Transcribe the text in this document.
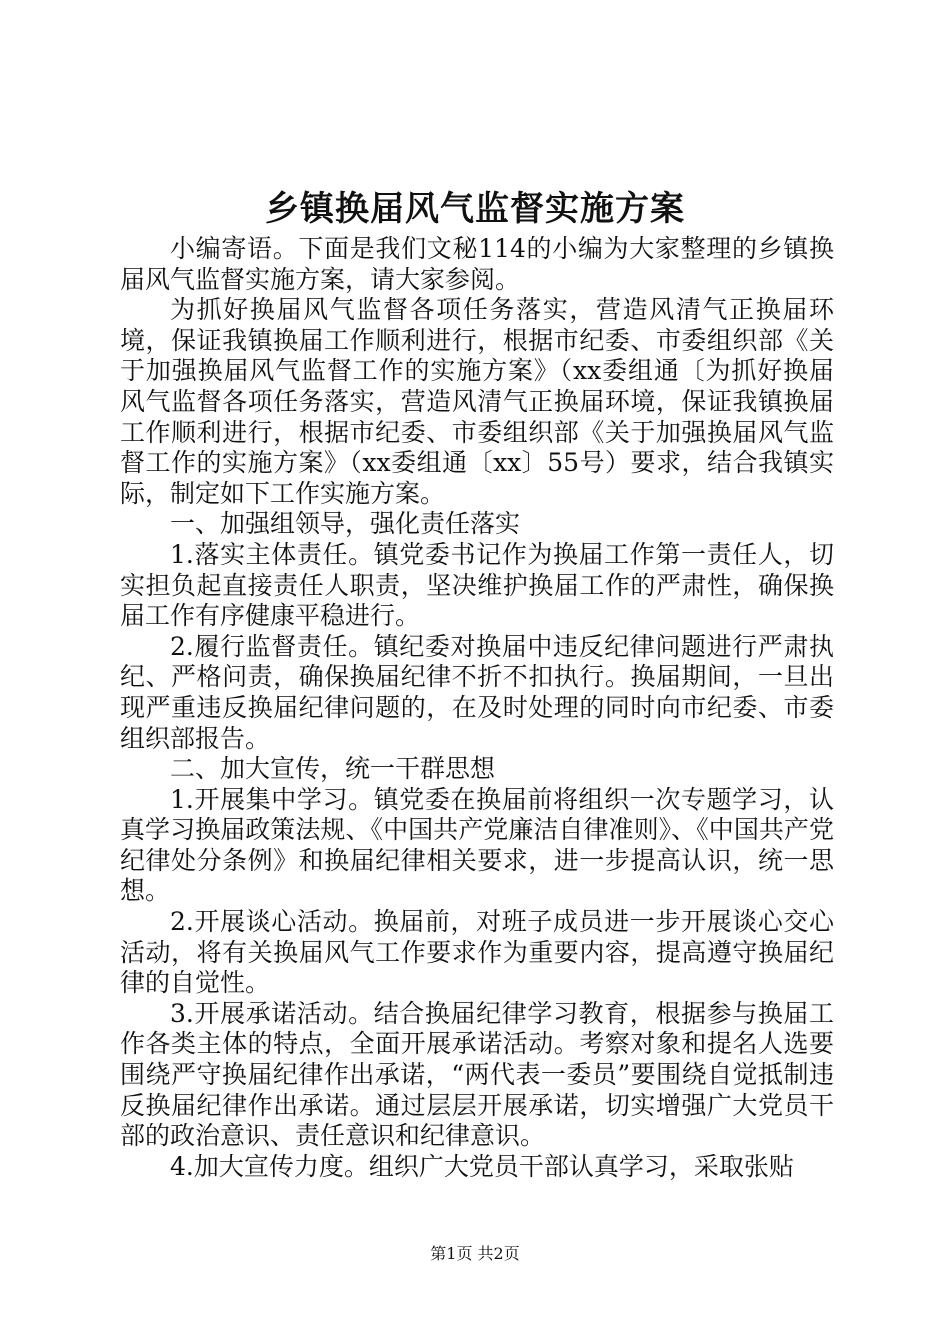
乡镇换届风气监督实施方案

小编寄语。下面是我们文秘114的小编为大家整理的乡镇换届风气监督实施方案，请大家参阅。

为抓好换届风气监督各项任务落实，营造风清气正换届环境，保证我镇换届工作顺利进行，根据市纪委、市委组织部《关于加强换届风气监督工作的实施方案》（xx委组通〔为抓好换届风气监督各项任务落实，营造风清气正换届环境，保证我镇换届工作顺利进行，根据市纪委、市委组织部《关于加强换届风气监督工作的实施方案》（xx委组通〔xx〕55号）要求，结合我镇实际，制定如下工作实施方案。

一、加强组领导，强化责任落实

1.落实主体责任。镇党委书记作为换届工作第一责任人，切实担负起直接责任人职责，坚决维护换届工作的严肃性，确保换届工作有序健康平稳进行。

2.履行监督责任。镇纪委对换届中违反纪律问题进行严肃执纪、严格问责，确保换届纪律不折不扣执行。换届期间，一旦出现严重违反换届纪律问题的，在及时处理的同时向市纪委、市委组织部报告。

二、加大宣传，统一干群思想

1.开展集中学习。镇党委在换届前将组织一次专题学习，认真学习换届政策法规、《中国共产党廉洁自律准则》、《中国共产党纪律处分条例》和换届纪律相关要求，进一步提高认识，统一思想。

2.开展谈心活动。换届前，对班子成员进一步开展谈心交心活动，将有关换届风气工作要求作为重要内容，提高遵守换届纪律的自觉性。

3.开展承诺活动。结合换届纪律学习教育，根据参与换届工作各类主体的特点，全面开展承诺活动。考察对象和提名人选要围绕严守换届纪律作出承诺，“两代表一委员”要围绕自觉抵制违反换届纪律作出承诺。通过层层开展承诺，切实增强广大党员干部的政治意识、责任意识和纪律意识。

4.加大宣传力度。组织广大党员干部认真学习，采取张贴

第1页 共2页
